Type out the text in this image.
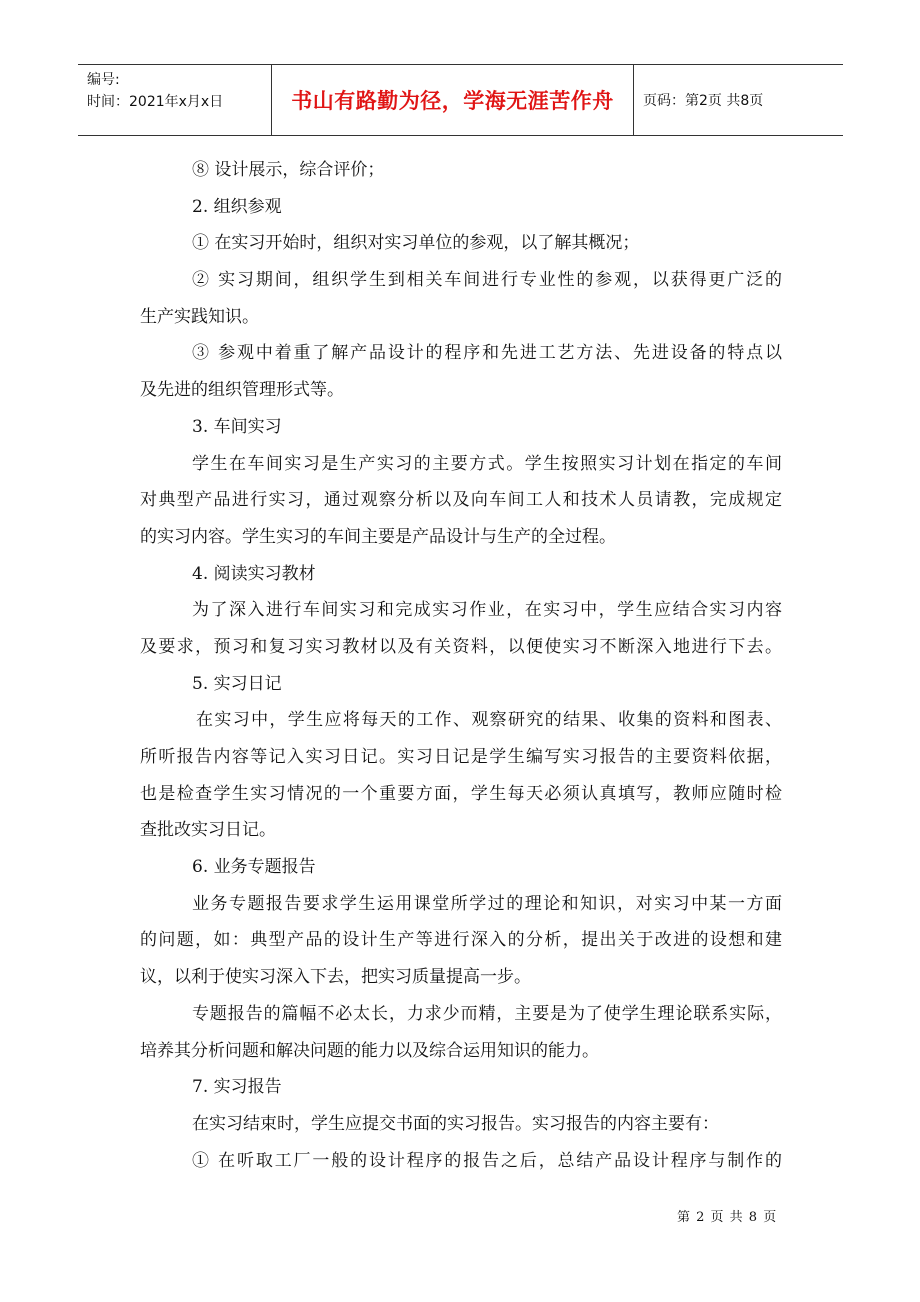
编号:
时间：2021年x月x日	书山有路勤为径，学海无涯苦作舟 页码：第2页 共8页
⑧ 设计展示，综合评价；
2. 组织参观
① 在实习开始时，组织对实习单位的参观，以了解其概况；
② 实习期间，组织学生到相关车间进行专业性的参观，以获得更广泛的
生产实践知识。
③ 参观中着重了解产品设计的程序和先进工艺方法、先进设备的特点以
及先进的组织管理形式等。
3. 车间实习
学生在车间实习是生产实习的主要方式。学生按照实习计划在指定的车间
对典型产品进行实习，通过观察分析以及向车间工人和技术人员请教，完成规定
的实习内容。学生实习的车间主要是产品设计与生产的全过程。
4. 阅读实习教材
为了深入进行车间实习和完成实习作业，在实习中，学生应结合实习内容
及要求，预习和复习实习教材以及有关资料，以便使实习不断深入地进行下去。
5. 实习日记
在实习中，学生应将每天的工作、观察研究的结果、收集的资料和图表、
所听报告内容等记入实习日记。实习日记是学生编写实习报告的主要资料依据，
也是检查学生实习情况的一个重要方面，学生每天必须认真填写，教师应随时检
查批改实习日记。
6. 业务专题报告
业务专题报告要求学生运用课堂所学过的理论和知识，对实习中某一方面
的问题，如：典型产品的设计生产等进行深入的分析，提出关于改进的设想和建
议，以利于使实习深入下去，把实习质量提高一步。
专题报告的篇幅不必太长，力求少而精，主要是为了使学生理论联系实际，
培养其分析问题和解决问题的能力以及综合运用知识的能力。
7. 实习报告
在实习结束时，学生应提交书面的实习报告。实习报告的内容主要有：
① 在听取工厂一般的设计程序的报告之后，总结产品设计程序与制作的
第 2 页 共 8 页
